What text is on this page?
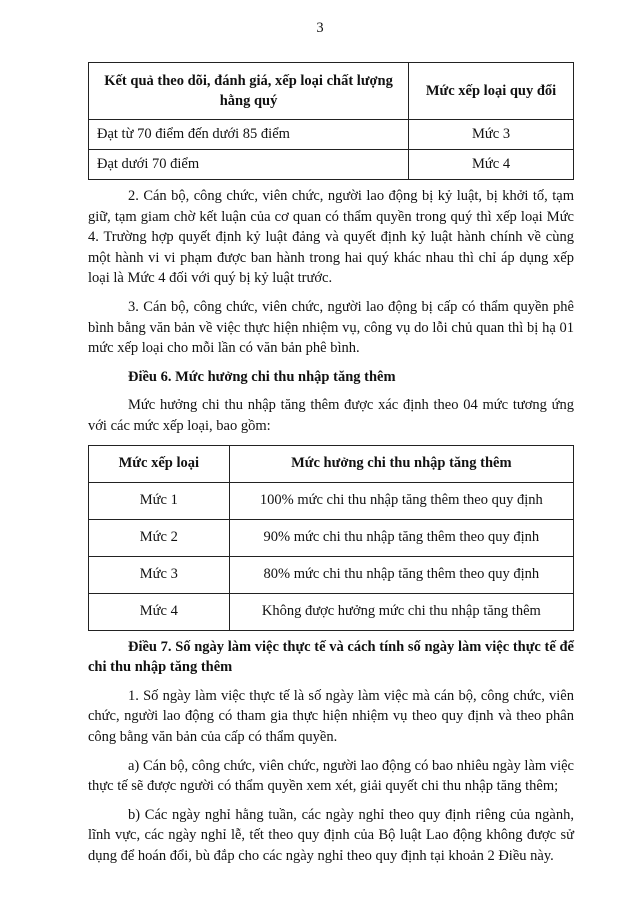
3
Kết quả theo dõi, đánh giá, xếp loại chất lượng hằng quý	Mức xếp loại quy đổi
Đạt từ 70 điểm đến dưới 85 điểm	Mức 3
Đạt dưới 70 điểm	Mức 4

2. Cán bộ, công chức, viên chức, người lao động bị kỷ luật, bị khởi tố, tạm giữ, tạm giam chờ kết luận của cơ quan có thẩm quyền trong quý thì xếp loại Mức 4. Trường hợp quyết định kỷ luật đảng và quyết định kỷ luật hành chính về cùng một hành vi vi phạm được ban hành trong hai quý khác nhau thì chỉ áp dụng xếp loại là Mức 4 đối với quý bị kỷ luật trước.

3. Cán bộ, công chức, viên chức, người lao động bị cấp có thẩm quyền phê bình bằng văn bản về việc thực hiện nhiệm vụ, công vụ do lỗi chủ quan thì bị hạ 01 mức xếp loại cho mỗi lần có văn bản phê bình.

Điều 6. Mức hưởng chi thu nhập tăng thêm

Mức hưởng chi thu nhập tăng thêm được xác định theo 04 mức tương ứng với các mức xếp loại, bao gồm:

Mức xếp loại	Mức hưởng chi thu nhập tăng thêm
Mức 1	100% mức chi thu nhập tăng thêm theo quy định
Mức 2	90% mức chi thu nhập tăng thêm theo quy định
Mức 3	80% mức chi thu nhập tăng thêm theo quy định
Mức 4	Không được hưởng mức chi thu nhập tăng thêm

Điều 7. Số ngày làm việc thực tế và cách tính số ngày làm việc thực tế để chi thu nhập tăng thêm

1. Số ngày làm việc thực tế là số ngày làm việc mà cán bộ, công chức, viên chức, người lao động có tham gia thực hiện nhiệm vụ theo quy định và theo phân công bằng văn bản của cấp có thẩm quyền.

a) Cán bộ, công chức, viên chức, người lao động có bao nhiêu ngày làm việc thực tế sẽ được người có thẩm quyền xem xét, giải quyết chi thu nhập tăng thêm;

b) Các ngày nghỉ hằng tuần, các ngày nghỉ theo quy định riêng của ngành, lĩnh vực, các ngày nghỉ lễ, tết theo quy định của Bộ luật Lao động không được sử dụng để hoán đổi, bù đắp cho các ngày nghỉ theo quy định tại khoản 2 Điều này.
